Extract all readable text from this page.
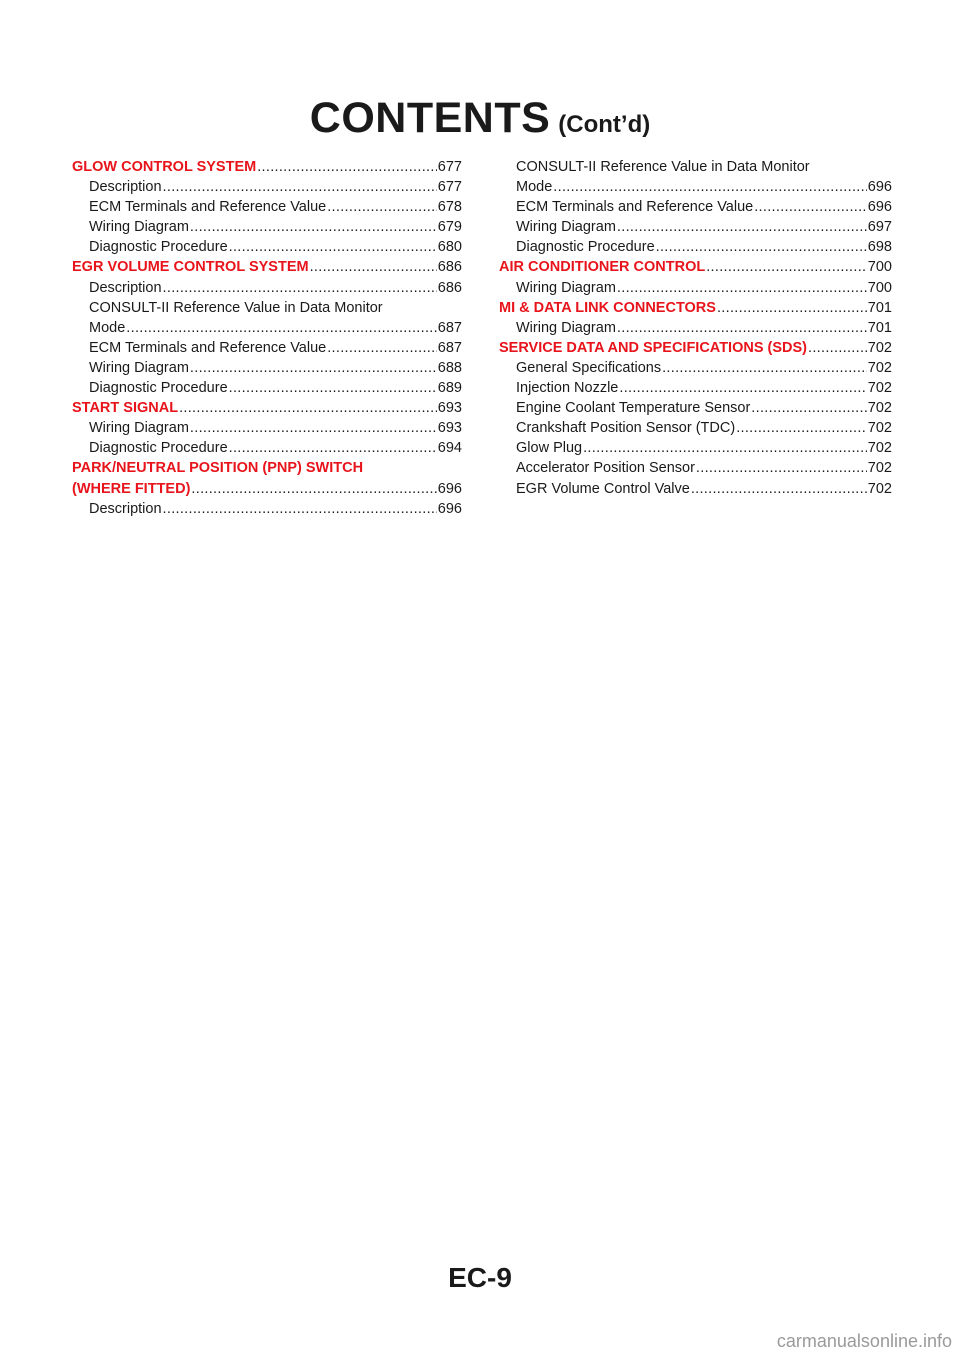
CONTENTS (Cont’d)
GLOW CONTROL SYSTEM .....	677
Description .....	677
ECM Terminals and Reference Value .....	678
Wiring Diagram .....	679
Diagnostic Procedure .....	680
EGR VOLUME CONTROL SYSTEM .....	686
Description .....	686
CONSULT-II Reference Value in Data Monitor
Mode .....	687
ECM Terminals and Reference Value .....	687
Wiring Diagram .....	688
Diagnostic Procedure .....	689
START SIGNAL .....	693
Wiring Diagram .....	693
Diagnostic Procedure .....	694
PARK/NEUTRAL POSITION (PNP) SWITCH
(WHERE FITTED) .....	696
Description .....	696
CONSULT-II Reference Value in Data Monitor
Mode .....	696
ECM Terminals and Reference Value .....	696
Wiring Diagram .....	697
Diagnostic Procedure .....	698
AIR CONDITIONER CONTROL .....	700
Wiring Diagram .....	700
MI & DATA LINK CONNECTORS .....	701
Wiring Diagram .....	701
SERVICE DATA AND SPECIFICATIONS (SDS) .....	702
General Specifications .....	702
Injection Nozzle .....	702
Engine Coolant Temperature Sensor .....	702
Crankshaft Position Sensor (TDC) .....	702
Glow Plug .....	702
Accelerator Position Sensor .....	702
EGR Volume Control Valve .....	702
EC-9
carmanualsonline.info
